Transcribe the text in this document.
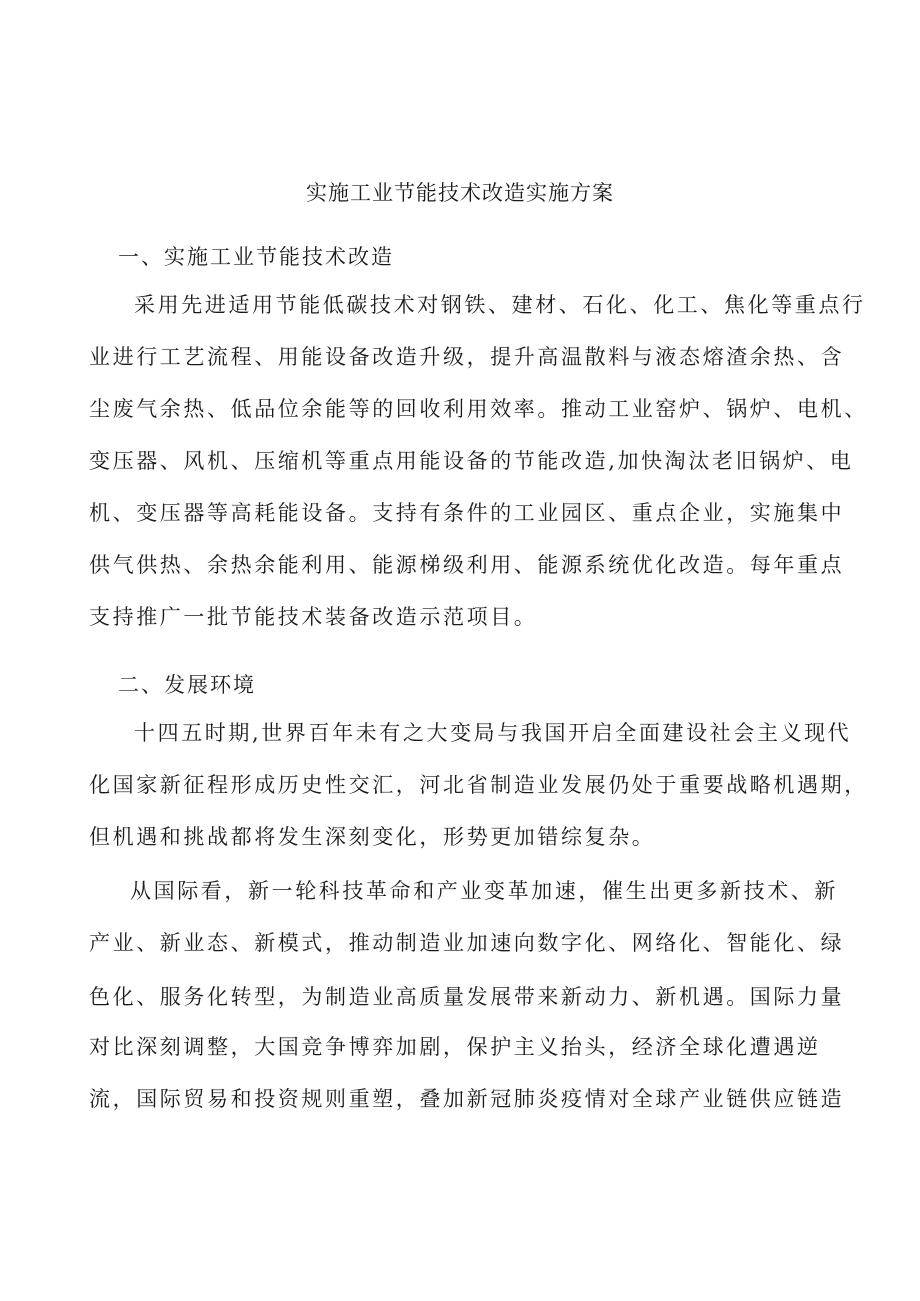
实施工业节能技术改造实施方案
一、实施工业节能技术改造
采用先进适用节能低碳技术对钢铁、建材、石化、化工、焦化等重点行
业进行工艺流程、用能设备改造升级，提升高温散料与液态熔渣余热、含
尘废气余热、低品位余能等的回收利用效率。推动工业窑炉、锅炉、电机、
变压器、风机、压缩机等重点用能设备的节能改造,加快淘汰老旧锅炉、电
机、变压器等高耗能设备。支持有条件的工业园区、重点企业，实施集中
供气供热、余热余能利用、能源梯级利用、能源系统优化改造。每年重点
支持推广一批节能技术装备改造示范项目。
二、发展环境
十四五时期,世界百年未有之大变局与我国开启全面建设社会主义现代
化国家新征程形成历史性交汇，河北省制造业发展仍处于重要战略机遇期，
但机遇和挑战都将发生深刻变化，形势更加错综复杂。
从国际看，新一轮科技革命和产业变革加速，催生出更多新技术、新
产业、新业态、新模式，推动制造业加速向数字化、网络化、智能化、绿
色化、服务化转型，为制造业高质量发展带来新动力、新机遇。国际力量
对比深刻调整，大国竞争博弈加剧，保护主义抬头，经济全球化遭遇逆
流，国际贸易和投资规则重塑，叠加新冠肺炎疫情对全球产业链供应链造
